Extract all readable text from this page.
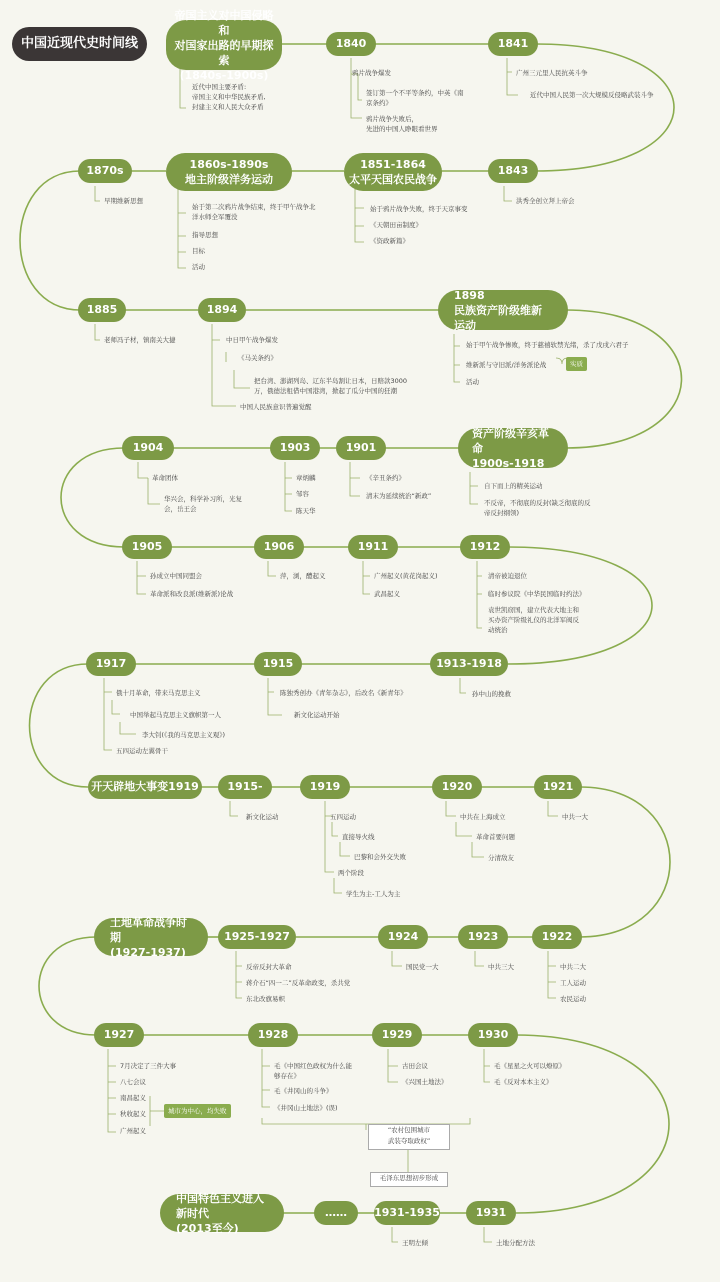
中国近现代史时间线
帝国主义对中国侵略和
对国家出路的早期探索
(1840s-1900s)
近代中国主要矛盾:
帝国主义和中华民族矛盾,
封建主义和人民大众矛盾
1840
鸦片战争爆发
签订第一个不平等条约，中英《南
京条约》
鸦片战争失败后，
先进的中国人睁眼看世界
1841
广州三元里人民抗英斗争
近代中国人民第一次大规模反侵略武装斗争
1870s
早期维新思想
1860s-1890s
地主阶级洋务运动
始于第二次鸦片战争结束，终于甲午战争北
洋水师全军覆没
指导思想
目标
活动
1851-1864
太平天国农民战争
始于鸦片战争失败，终于天京事变
《天朝田亩制度》
《资政新篇》
1843
洪秀全创立拜上帝会
1885
老师冯子材，镇南关大捷
1894
中日甲午战争爆发
《马关条约》
把台湾、澎湖列岛、辽东半岛割让日本，日赔款3000
万，俄德法租借中国港湾，掀起了瓜分中国的狂潮
中国人民族意识普遍觉醒
1898
民族资产阶级维新运动
始于甲午战争惨败，终于慈禧软禁光绪，杀了戊戌六君子
维新派与守旧派/洋务派论战	实质
活动
1904
革命团体
华兴会，科学补习所，光复
会，岳王会
1903
章炳麟
邹容
陈天华
1901
《辛丑条约》
清末为延续统治“新政”
资产阶级辛亥革命
1900s-1918
自下而上的精英运动
不反帝，不彻底的反封(缺乏彻底的反
帝反封纲领)
1905
孙成立中国同盟会
革命派和改良派(维新派)论战
1906
萍，浏，醴起义
1911
广州起义(黄花岗起义)
武昌起义
1912
清帝被迫退位
临时参议院《中华民国临时约法》
袁世凯窃国，建立代表大地主和
买办资产阶级礼仪的北洋军阀反
动统治
1917
俄十月革命，带来马克思主义
中国举起马克思主义旗帜第一人
李大钊(《我的马克思主义观》)
五四运动左翼骨干
1915
陈独秀创办《青年杂志》，后改名《新青年》
新文化运动开始
1913-1918
孙中山的挽救
开天辟地大事变1919	1915-
新文化运动
1919
五四运动
直接导火线
巴黎和会外交失败
两个阶段
学生为主-工人为主
1920
中共在上海成立
革命首要问题
分清敌友
1921
中共一大
土地革命战争时期
(1927-1937)
1925-1927
反帝反封大革命
蒋介石“四一二”反革命政变，杀共党
东北改旗易帜
1924
国民党一大
1923
中共三大
1922
中共二大
工人运动
农民运动
1927
7月决定了三件大事
八七会议
南昌起义
秋收起义
广州起义
城市为中心，均失败
1928
毛《中国红色政权为什么能
够存在》
毛《井冈山的斗争》
《井冈山土地法》(误)
1929
古田会议
《兴国土地法》
1930
毛《星星之火可以燎原》
毛《反对本本主义》
“农村包围城市
武装夺取政权”
毛泽东思想初步形成
中国特色主义进入新时代
(2013至今)
……	1931-1935
王明左倾
1931
土地分配方法
